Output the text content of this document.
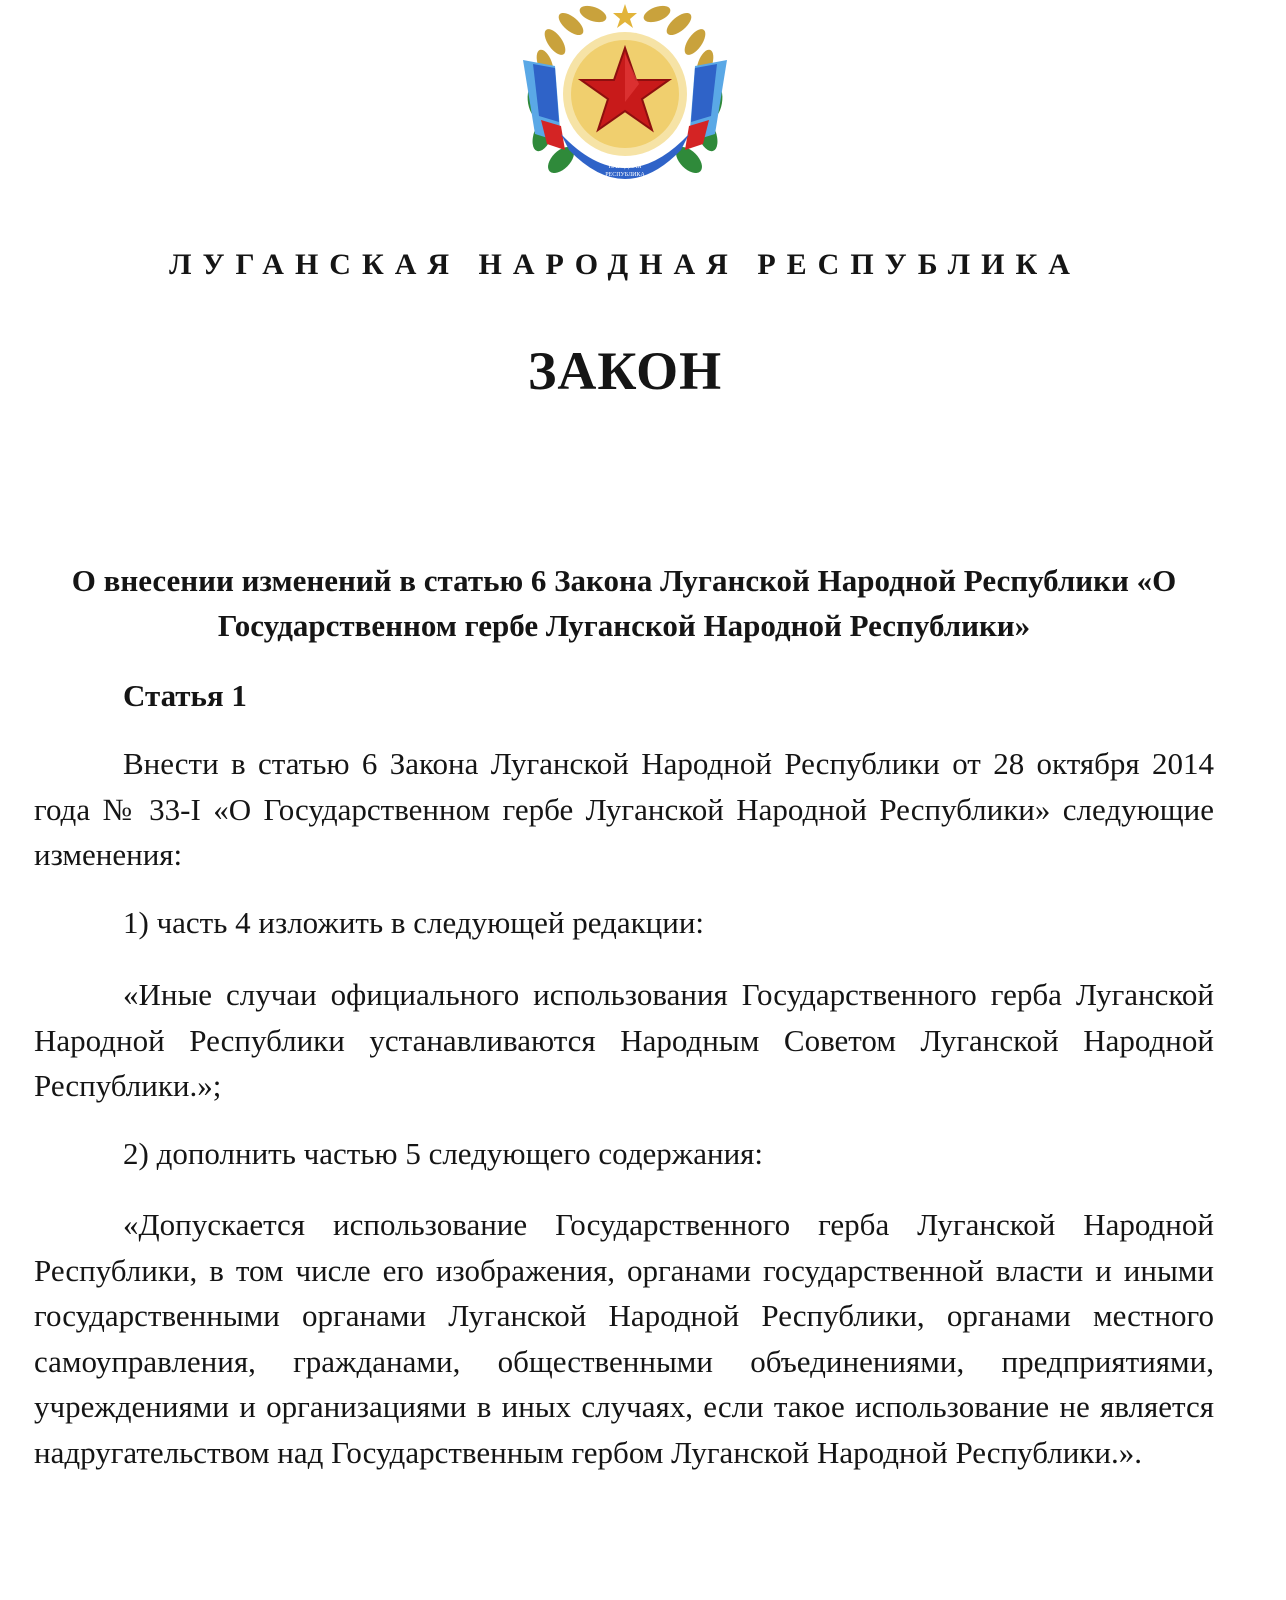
ЛУГАНСКАЯ
НАРОДНАЯ
РЕСПУБЛИКА
ЛУГАНСКАЯ НАРОДНАЯ РЕСПУБЛИКА
ЗАКОН
О внесении изменений в статью 6 Закона Луганской Народной Республики «О Государственном гербе Луганской Народной Республики»
Статья 1

Внести в статью 6 Закона Луганской Народной Республики от 28 октября 2014 года № 33-I «О Государственном гербе Луганской Народной Республики» следующие изменения:

1) часть 4 изложить в следующей редакции:

«Иные случаи официального использования Государственного герба Луганской Народной Республики устанавливаются Народным Советом Луганской Народной Республики.»;

2) дополнить частью 5 следующего содержания:

«Допускается использование Государственного герба Луганской Народной Республики, в том числе его изображения, органами государственной власти и иными государственными органами Луганской Народной Республики, органами местного самоуправления, гражданами, общественными объединениями, предприятиями, учреждениями и организациями в иных случаях, если такое использование не является надругательством над Государственным гербом Луганской Народной Республики.».
